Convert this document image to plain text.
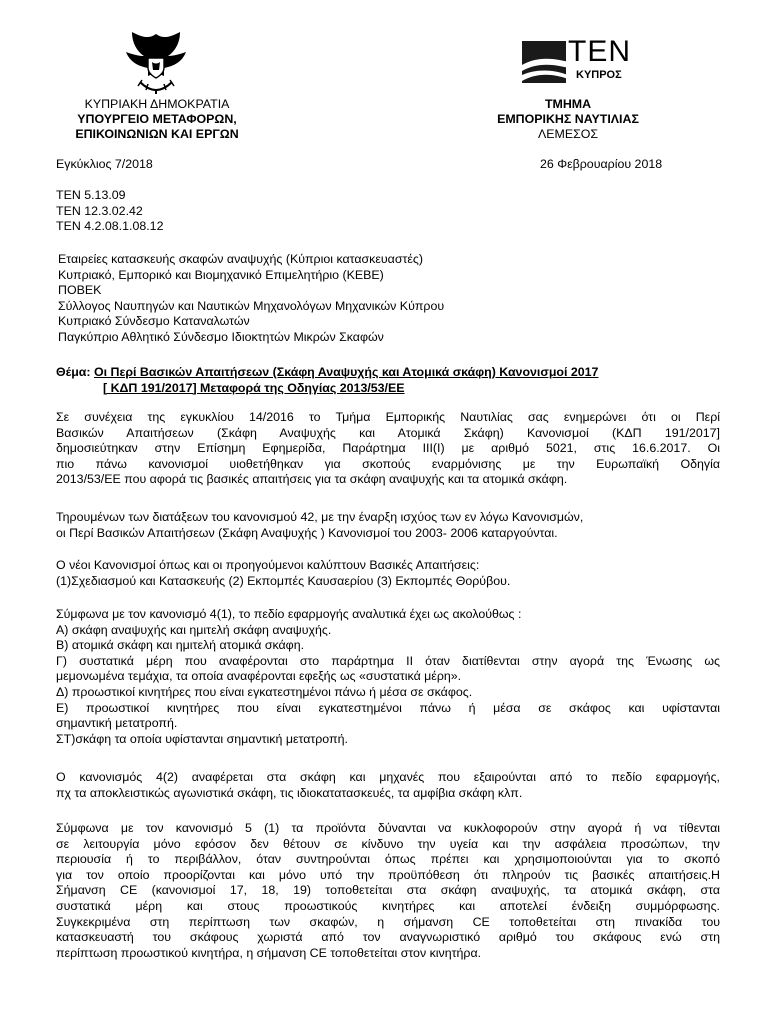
ΚΥΠΡΙΑΚΗ ΔΗΜΟΚΡΑΤΙΑ
ΥΠΟΥΡΓΕΙΟ ΜΕΤΑΦΟΡΩΝ,
ΕΠΙΚΟΙΝΩΝΙΩΝ ΚΑΙ ΕΡΓΩΝ
TEN
ΚΥΠΡΟΣ
ΤΜΗΜΑ
ΕΜΠΟΡΙΚΗΣ ΝΑΥΤΙΛΙΑΣ
ΛΕΜΕΣΟΣ
Εγκύκλιος 7/2018	26 Φεβρουαρίου 2018
ΤΕΝ 5.13.09
ΤΕΝ 12.3.02.42
ΤΕΝ 4.2.08.1.08.12
Εταιρείες κατασκευής σκαφών αναψυχής (Κύπριοι κατασκευαστές)
Κυπριακό, Εμπορικό και Βιομηχανικό Επιμελητήριο (ΚΕΒΕ)
ΠΟΒΕΚ
Σύλλογος Ναυπηγών και Ναυτικών Μηχανολόγων Μηχανικών Κύπρου
Κυπριακό Σύνδεσμο Καταναλωτών
Παγκύπριο Αθλητικό Σύνδεσμο Ιδιοκτητών Μικρών Σκαφών
Θέμα: Οι Περί Βασικών Απαιτήσεων (Σκάφη Αναψυχής και Ατομικά σκάφη) Κανονισμοί 2017
[ ΚΔΠ 191/2017] Μεταφορά της Οδηγίας 2013/53/ΕΕ
Σε συνέχεια της εγκυκλίου 14/2016 το Τμήμα Εμπορικής Ναυτιλίας σας ενημερώνει ότι οι Περί
Βασικών Απαιτήσεων (Σκάφη Αναψυχής και Ατομικά Σκάφη) Κανονισμοί (ΚΔΠ 191/2017]
δημοσιεύτηκαν στην Επίσημη Εφημερίδα, Παράρτημα ΙΙΙ(Ι) με αριθμό 5021, στις 16.6.2017. Οι
πιο πάνω κανονισμοί υιοθετήθηκαν για σκοπούς εναρμόνισης με την Ευρωπαϊκή Οδηγία
2013/53/ΕΕ που αφορά τις βασικές απαιτήσεις για τα σκάφη αναψυχής και τα ατομικά σκάφη.
Τηρουμένων των διατάξεων του κανονισμού 42, με την έναρξη ισχύος των εν λόγω Κανονισμών,
οι Περί Βασικών Απαιτήσεων (Σκάφη Αναψυχής ) Κανονισμοί του 2003- 2006 καταργούνται.
Ο νέοι Κανονισμοί όπως και οι προηγούμενοι καλύπτουν Βασικές Απαιτήσεις:
(1)Σχεδιασμού και Κατασκευής (2) Εκπομπές Καυσαερίου (3) Εκπομπές Θορύβου.
Σύμφωνα με τον κανονισμό 4(1), το πεδίο εφαρμογής αναλυτικά έχει ως ακολούθως :
Α) σκάφη αναψυχής και ημιτελή σκάφη αναψυχής.
Β) ατομικά σκάφη και ημιτελή ατομικά σκάφη.
Γ) συστατικά μέρη που αναφέρονται στο παράρτημα ΙΙ όταν διατίθενται στην αγορά της Ένωσης ως
μεμονωμένα τεμάχια, τα οποία αναφέρονται εφεξής ως «συστατικά μέρη».
Δ) προωστικοί κινητήρες που είναι εγκατεστημένοι πάνω ή μέσα σε σκάφος.
Ε) προωστικοί κινητήρες που είναι εγκατεστημένοι πάνω ή μέσα σε σκάφος και υφίστανται
σημαντική μετατροπή.
ΣΤ)σκάφη τα οποία υφίστανται σημαντική μετατροπή.
Ο κανονισμός 4(2) αναφέρεται στα σκάφη και μηχανές που εξαιρούνται από το πεδίο εφαρμογής,
πχ τα αποκλειστικώς αγωνιστικά σκάφη, τις ιδιοκατατασκευές, τα αμφίβια σκάφη κλπ.
Σύμφωνα με τον κανονισμό 5 (1) τα προϊόντα δύνανται να κυκλοφορούν στην αγορά ή να τίθενται
σε λειτουργία μόνο εφόσον δεν θέτουν σε κίνδυνο την υγεία και την ασφάλεια προσώπων, την
περιουσία ή το περιβάλλον, όταν συντηρούνται όπως πρέπει και χρησιμοποιούνται για το σκοπό
για τον οποίο προορίζονται και μόνο υπό την προϋπόθεση ότι πληρούν τις βασικές απαιτήσεις.Η
Σήμανση CE (κανονισμοί 17, 18, 19) τοποθετείται στα σκάφη αναψυχής, τα ατομικά σκάφη, στα
συστατικά μέρη και στους προωστικούς κινητήρες και αποτελεί ένδειξη συμμόρφωσης.
Συγκεκριμένα στη περίπτωση των σκαφών, η σήμανση CE τοποθετείται στη πινακίδα του
κατασκευαστή του σκάφους χωριστά από τον αναγνωριστικό αριθμό του σκάφους ενώ στη
περίπτωση προωστικού κινητήρα, η σήμανση CE τοποθετείται στον κινητήρα.
